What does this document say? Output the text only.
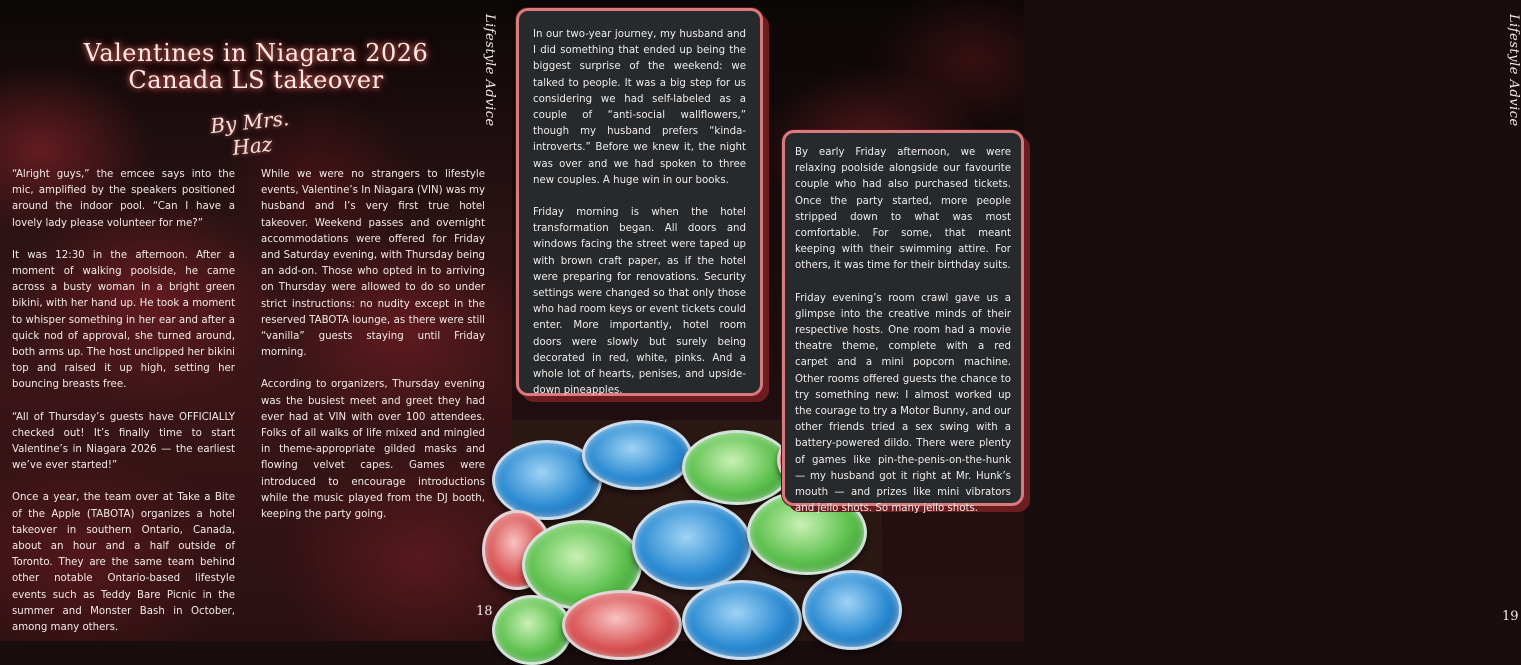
Valentines in Niagara 2026
Canada LS takeover
By Mrs. Haz
Lifestyle Advice

“Alright guys,” the emcee says into the mic, amplified by the speakers positioned around the indoor pool. “Can I have a lovely lady please volunteer for me?”

It was 12:30 in the afternoon. After a moment of walking poolside, he came across a busty woman in a bright green bikini, with her hand up. He took a moment to whisper something in her ear and after a quick nod of approval, she turned around, both arms up. The host unclipped her bikini top and raised it up high, setting her bouncing breasts free.

“All of Thursday’s guests have OFFICIALLY checked out! It’s finally time to start Valentine’s in Niagara 2026 — the earliest we’ve ever started!”

Once a year, the team over at Take a Bite of the Apple (TABOTA) organizes a hotel takeover in southern Ontario, Canada, about an hour and a half outside of Toronto. They are the same team behind other notable Ontario-based lifestyle events such as Teddy Bare Picnic in the summer and Monster Bash in October, among many others.

While we were no strangers to lifestyle events, Valentine’s In Niagara (VIN) was my husband and I’s very first true hotel takeover. Weekend passes and overnight accommodations were offered for Friday and Saturday evening, with Thursday being an add-on. Those who opted in to arriving on Thursday were allowed to do so under strict instructions: no nudity except in the reserved TABOTA lounge, as there were still “vanilla” guests staying until Friday morning.

According to organizers, Thursday evening was the busiest meet and greet they had ever had at VIN with over 100 attendees. Folks of all walks of life mixed and mingled in theme-appropriate gilded masks and flowing velvet capes. Games were introduced to encourage introductions while the music played from the DJ booth, keeping the party going.

18
Lifestyle Advice

In our two-year journey, my husband and I did something that ended up being the biggest surprise of the weekend: we talked to people. It was a big step for us considering we had self-labeled as a couple of “anti-social wallflowers,” though my husband prefers “kinda-introverts.” Before we knew it, the night was over and we had spoken to three new couples. A huge win in our books.

Friday morning is when the hotel transformation began. All doors and windows facing the street were taped up with brown craft paper, as if the hotel were preparing for renovations. Security settings were changed so that only those who had room keys or event tickets could enter. More importantly, hotel room doors were slowly but surely being decorated in red, white, pinks. And a whole lot of hearts, penises, and upside-down pineapples.

By early Friday afternoon, we were relaxing poolside alongside our favourite couple who had also purchased tickets. Once the party started, more people stripped down to what was most comfortable. For some, that meant keeping with their swimming attire. For others, it was time for their birthday suits.

Friday evening’s room crawl gave us a glimpse into the creative minds of their respective hosts. One room had a movie theatre theme, complete with a red carpet and a mini popcorn machine. Other rooms offered guests the chance to try something new: I almost worked up the courage to try a Motor Bunny, and our other friends tried a sex swing with a battery-powered dildo. There were plenty of games like pin-the-penis-on-the-hunk — my husband got it right at Mr. Hunk’s mouth — and prizes like mini vibrators and jello shots. So many jello shots.

19
